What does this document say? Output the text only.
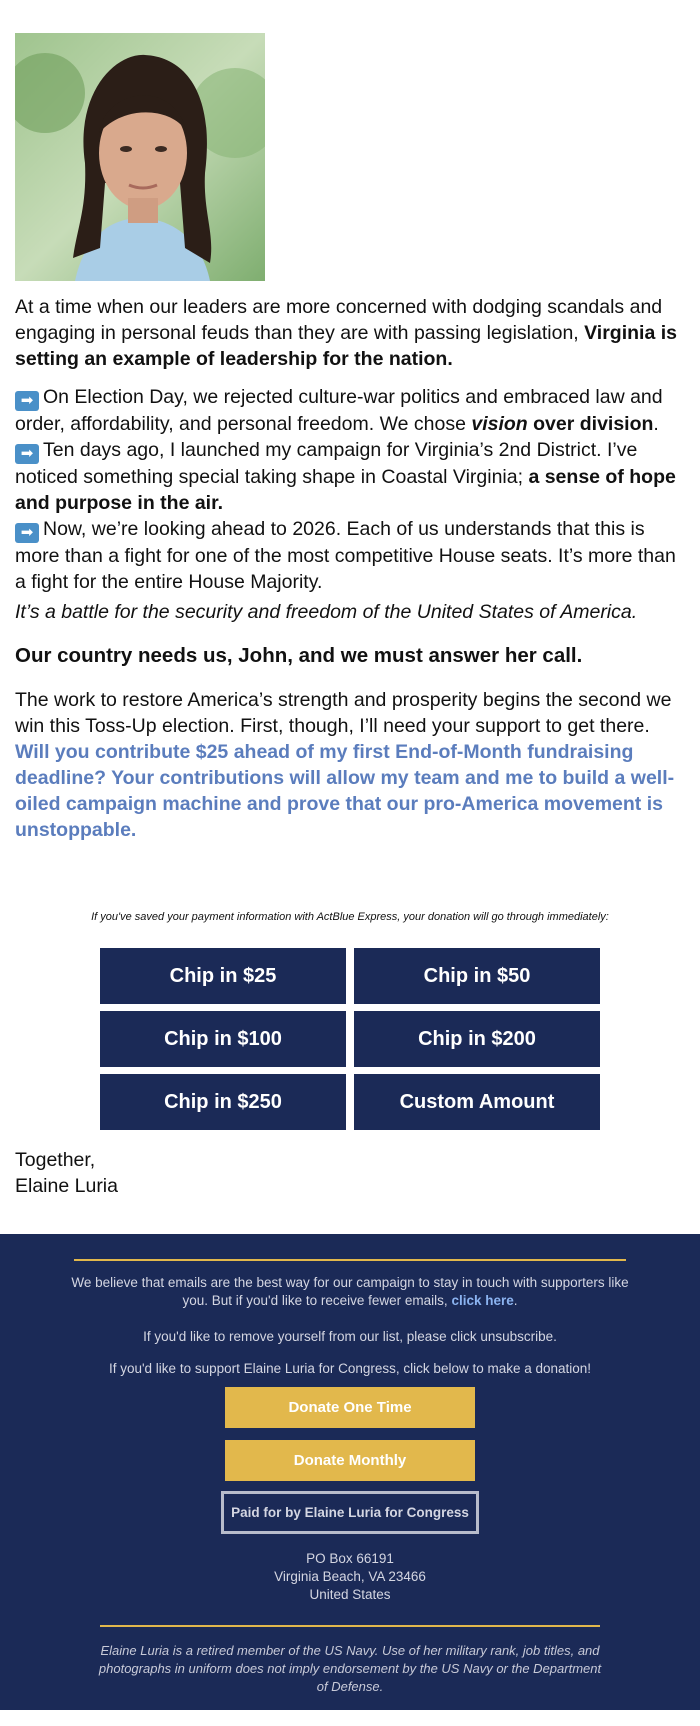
At a time when our leaders are more concerned with dodging scandals and engaging in personal feuds than they are with passing legislation, Virginia is setting an example of leadership for the nation.

➡ On Election Day, we rejected culture-war politics and embraced law and order, affordability, and personal freedom. We chose vision over division.

➡ Ten days ago, I launched my campaign for Virginia’s 2nd District. I’ve noticed something special taking shape in Coastal Virginia; a sense of hope and purpose in the air.

➡ Now, we’re looking ahead to 2026. Each of us understands that this is more than a fight for one of the most competitive House seats. It’s more than a fight for the entire House Majority.

It’s a battle for the security and freedom of the United States of America.

Our country needs us, John, and we must answer her call.

The work to restore America’s strength and prosperity begins the second we win this Toss-Up election. First, though, I’ll need your support to get there. Will you contribute $25 ahead of my first End-of-Month fundraising deadline? Your contributions will allow my team and me to build a well-oiled campaign machine and prove that our pro-America movement is unstoppable.

If you've saved your payment information with ActBlue Express, your donation will go through immediately:
Chip in $25	Chip in $50
Chip in $100	Chip in $200
Chip in $250	Custom Amount
Together,
Elaine Luria
We believe that emails are the best way for our campaign to stay in touch with supporters like you. But if you'd like to receive fewer emails, click here.
If you'd like to remove yourself from our list, please click unsubscribe.
If you'd like to support Elaine Luria for Congress, click below to make a donation!
Donate One Time
Donate Monthly
Paid for by Elaine Luria for Congress
PO Box 66191
Virginia Beach, VA 23466
United States
Elaine Luria is a retired member of the US Navy. Use of her military rank, job titles, and photographs in uniform does not imply endorsement by the US Navy or the Department of Defense.
